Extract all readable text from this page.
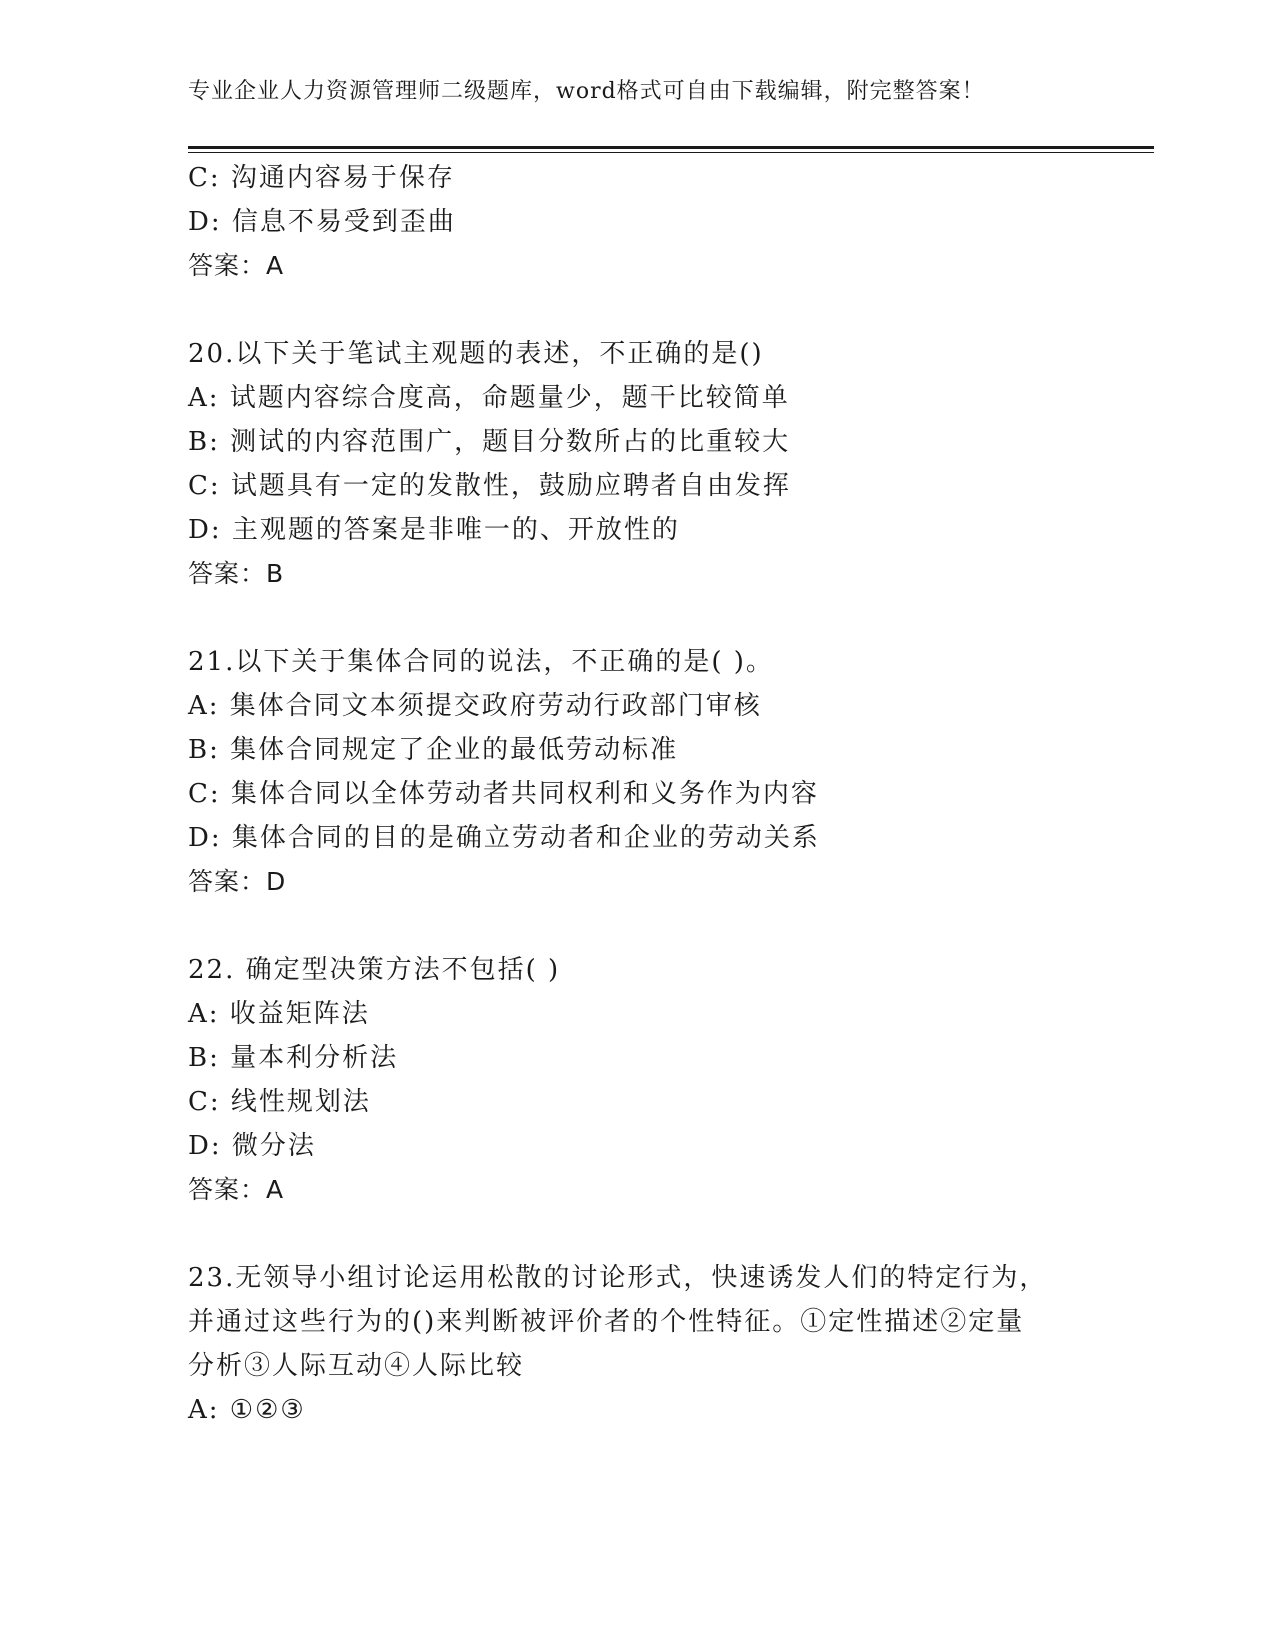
专业企业人力资源管理师二级题库，word格式可自由下载编辑，附完整答案！
C: 沟通内容易于保存
D: 信息不易受到歪曲
答案：A
20.以下关于笔试主观题的表述，不正确的是()
A: 试题内容综合度高，命题量少，题干比较简单
B: 测试的内容范围广，题目分数所占的比重较大
C: 试题具有一定的发散性，鼓励应聘者自由发挥
D: 主观题的答案是非唯一的、开放性的
答案：B
21.以下关于集体合同的说法，不正确的是( )。
A: 集体合同文本须提交政府劳动行政部门审核
B: 集体合同规定了企业的最低劳动标准
C: 集体合同以全体劳动者共同权利和义务作为内容
D: 集体合同的目的是确立劳动者和企业的劳动关系
答案：D
22. 确定型决策方法不包括( )
A: 收益矩阵法
B: 量本利分析法
C: 线性规划法
D: 微分法
答案：A
23.无领导小组讨论运用松散的讨论形式，快速诱发人们的特定行为，
并通过这些行为的()来判断被评价者的个性特征。①定性描述②定量
分析③人际互动④人际比较
A: ①②③
